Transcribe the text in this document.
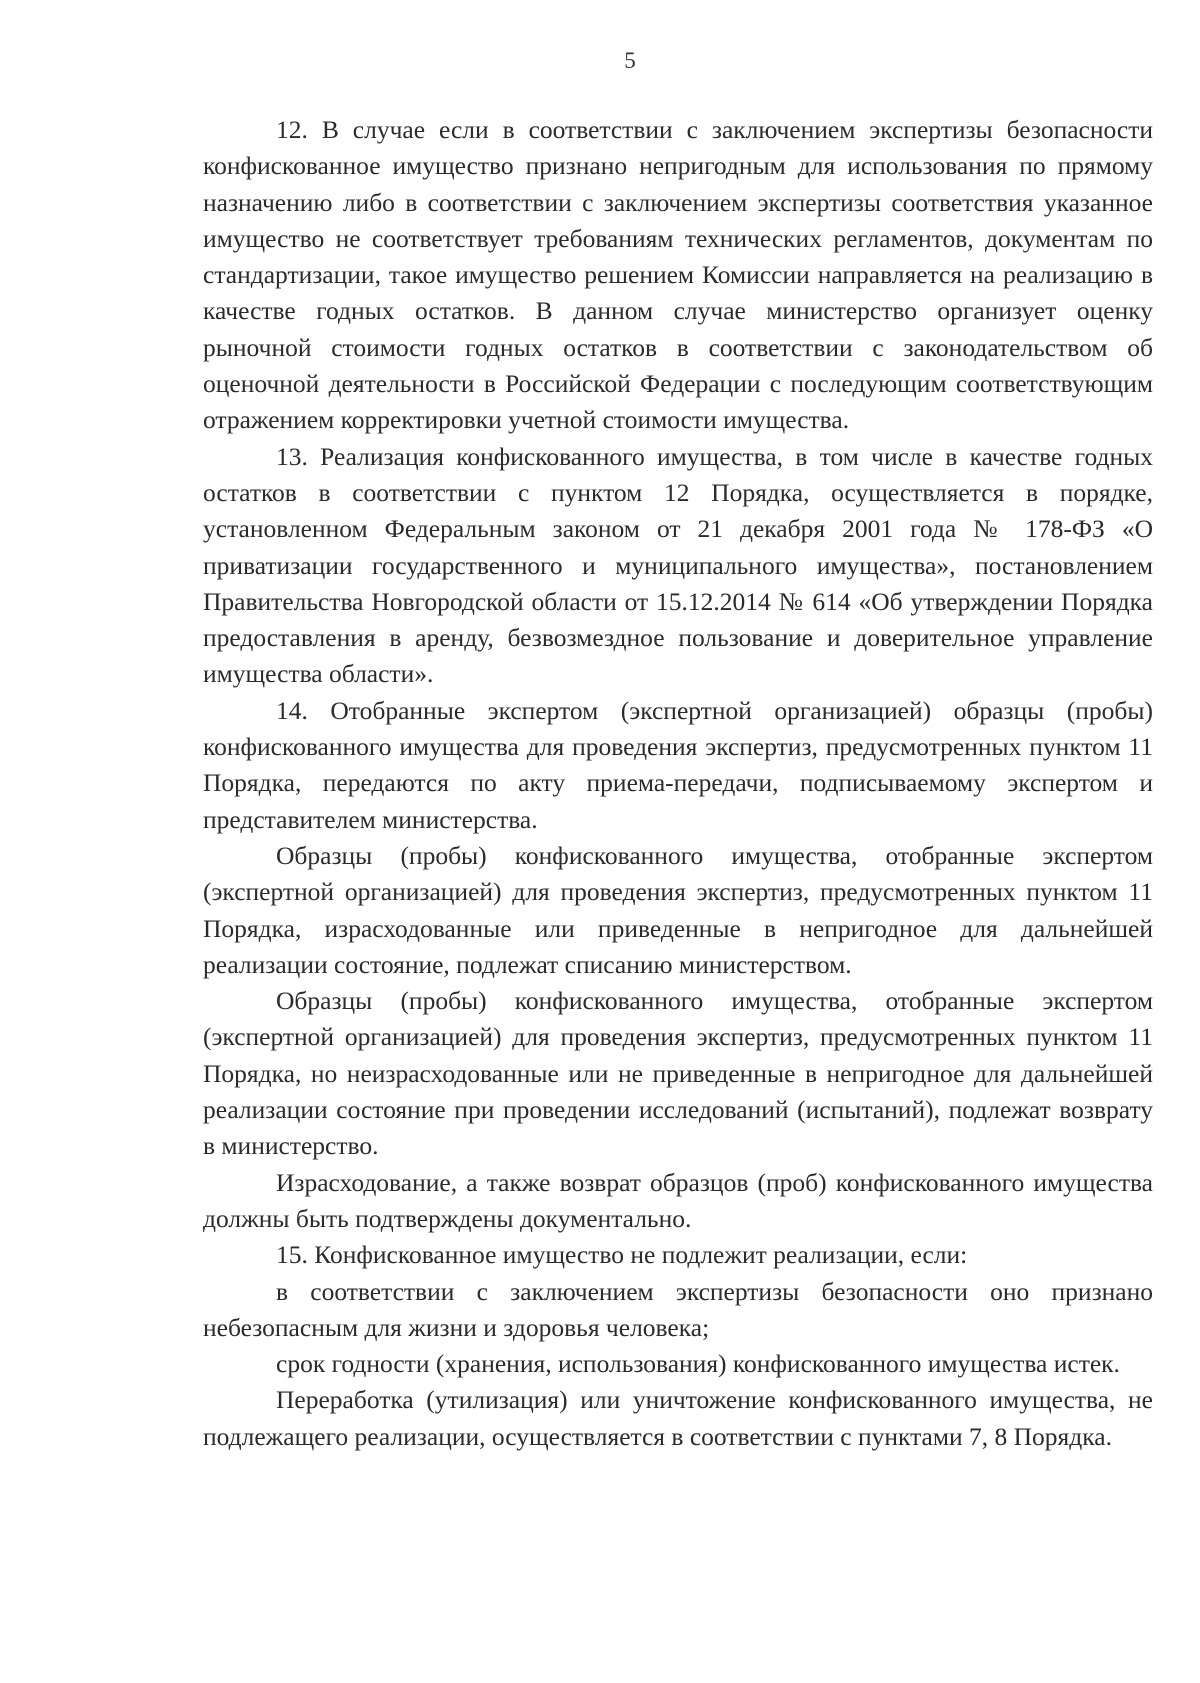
5

12. В случае если в соответствии с заключением экспертизы безопасности конфискованное имущество признано непригодным для использования по прямому назначению либо в соответствии с заключением экспертизы соответствия указанное имущество не соответствует требованиям технических регламентов, документам по стандартизации, такое имущество решением Комиссии направляется на реализацию в качестве годных остатков. В данном случае министерство организует оценку рыночной стоимости годных остатков в соответствии с законодательством об оценочной деятельности в Российской Федерации с последующим соответствующим отражением корректировки учетной стоимости имущества.

13. Реализация конфискованного имущества, в том числе в качестве годных остатков в соответствии с пунктом 12 Порядка, осуществляется в порядке, установленном Федеральным законом от 21 декабря 2001 года № 178-ФЗ «О приватизации государственного и муниципального имущества», постановлением Правительства Новгородской области от 15.12.2014 № 614 «Об утверждении Порядка предоставления в аренду, безвозмездное пользование и доверительное управление имущества области».

14. Отобранные экспертом (экспертной организацией) образцы (пробы) конфискованного имущества для проведения экспертиз, предусмотренных пунктом 11 Порядка, передаются по акту приема-передачи, подписываемому экспертом и представителем министерства.

Образцы (пробы) конфискованного имущества, отобранные экспертом (экспертной организацией) для проведения экспертиз, предусмотренных пунктом 11 Порядка, израсходованные или приведенные в непригодное для дальнейшей реализации состояние, подлежат списанию министерством.

Образцы (пробы) конфискованного имущества, отобранные экспертом (экспертной организацией) для проведения экспертиз, предусмотренных пунктом 11 Порядка, но неизрасходованные или не приведенные в непригодное для дальнейшей реализации состояние при проведении исследований (испытаний), подлежат возврату в министерство.

Израсходование, а также возврат образцов (проб) конфискованного имущества должны быть подтверждены документально.

15. Конфискованное имущество не подлежит реализации, если:

в соответствии с заключением экспертизы безопасности оно признано небезопасным для жизни и здоровья человека;

срок годности (хранения, использования) конфискованного имущества истек.

Переработка (утилизация) или уничтожение конфискованного имущества, не подлежащего реализации, осуществляется в соответствии с пунктами 7, 8 Порядка.
